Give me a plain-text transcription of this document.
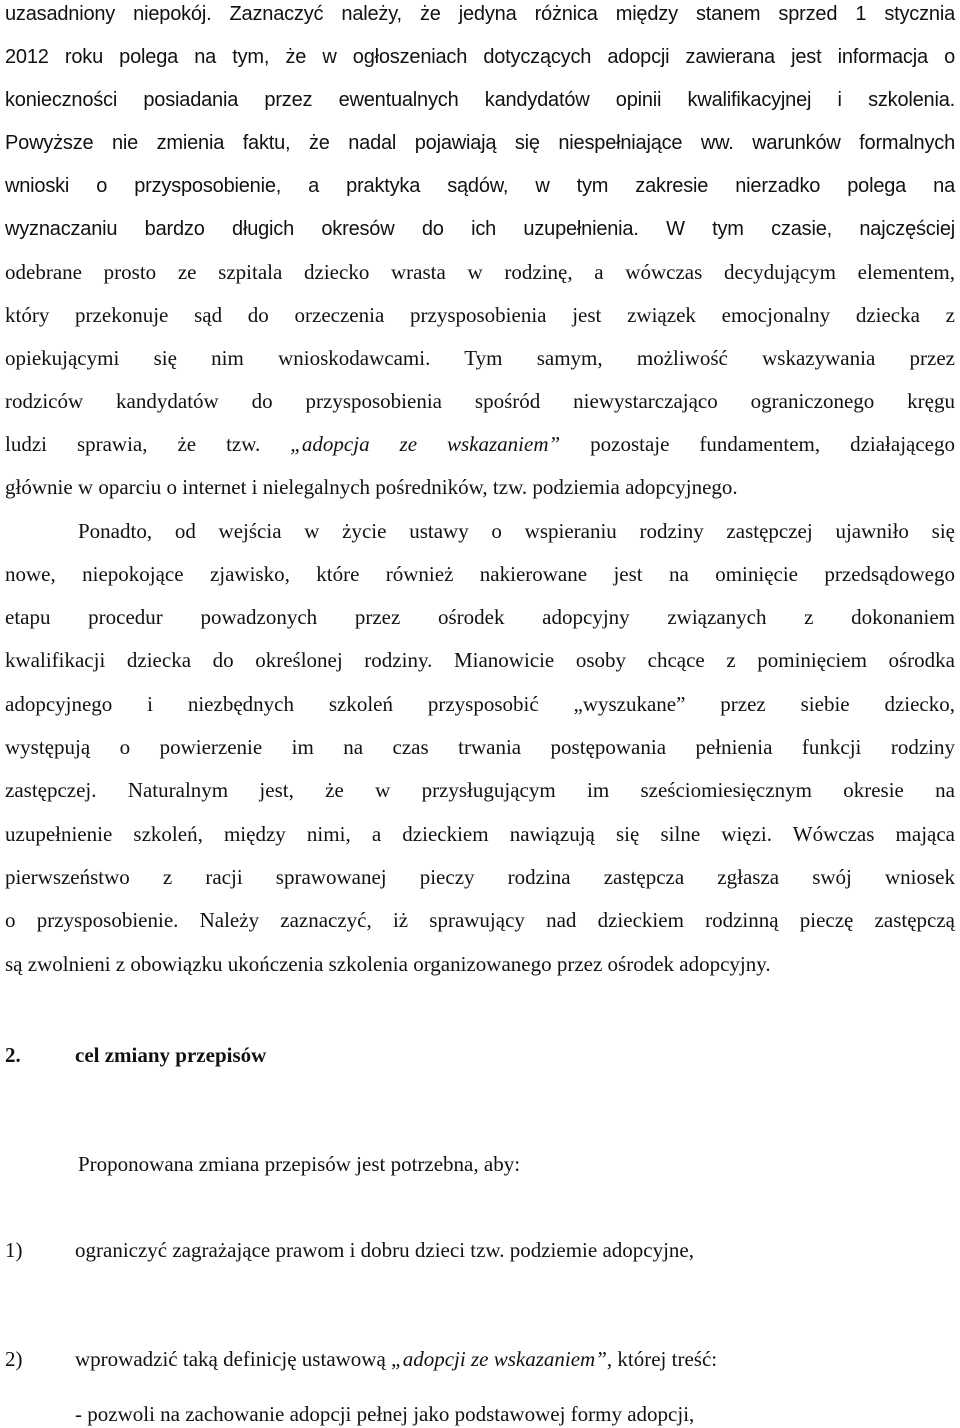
uzasadniony niepokój. Zaznaczyć należy, że jedyna różnica między stanem sprzed 1 stycznia
2012 roku polega na tym, że w ogłoszeniach dotyczących adopcji zawierana jest informacja o
konieczności posiadania przez ewentualnych kandydatów opinii kwalifikacyjnej i szkolenia.
Powyższe nie zmienia faktu, że nadal pojawiają się niespełniające ww. warunków formalnych
wnioski o przysposobienie, a praktyka sądów, w tym zakresie nierzadko polega na
wyznaczaniu bardzo długich okresów do ich uzupełnienia. W tym czasie, najczęściej
odebrane prosto ze szpitala dziecko wrasta w rodzinę, a wówczas decydującym elementem,
który przekonuje sąd do orzeczenia przysposobienia jest związek emocjonalny dziecka z
opiekującymi się nim wnioskodawcami. Tym samym, możliwość wskazywania przez
rodziców kandydatów do przysposobienia spośród niewystarczająco ograniczonego kręgu
ludzi sprawia, że tzw. „adopcja ze wskazaniem” pozostaje fundamentem, działającego
głównie w oparciu o internet i nielegalnych pośredników, tzw. podziemia adopcyjnego.
Ponadto, od wejścia w życie ustawy o wspieraniu rodziny zastępczej ujawniło się
nowe, niepokojące zjawisko, które również nakierowane jest na ominięcie przedsądowego
etapu procedur powadzonych przez ośrodek adopcyjny związanych z dokonaniem
kwalifikacji dziecka do określonej rodziny. Mianowicie osoby chcące z pominięciem ośrodka
adopcyjnego i niezbędnych szkoleń przysposobić „wyszukane” przez siebie dziecko,
występują o powierzenie im na czas trwania postępowania pełnienia funkcji rodziny
zastępczej. Naturalnym jest, że w przysługującym im sześciomiesięcznym okresie na
uzupełnienie szkoleń, między nimi, a dzieckiem nawiązują się silne więzi. Wówczas mająca
pierwszeństwo z racji sprawowanej pieczy rodzina zastępcza zgłasza swój wniosek
o przysposobienie. Należy zaznaczyć, iż sprawujący nad dzieckiem rodzinną pieczę zastępczą
są zwolnieni z obowiązku ukończenia szkolenia organizowanego przez ośrodek adopcyjny.
2.	cel zmiany przepisów
Proponowana zmiana przepisów jest potrzebna, aby:
1)	ograniczyć zagrażające prawom i dobru dzieci tzw. podziemie adopcyjne,
2)	wprowadzić taką definicję ustawową „adopcji ze wskazaniem”, której treść:
- pozwoli na zachowanie adopcji pełnej jako podstawowej formy adopcji,
